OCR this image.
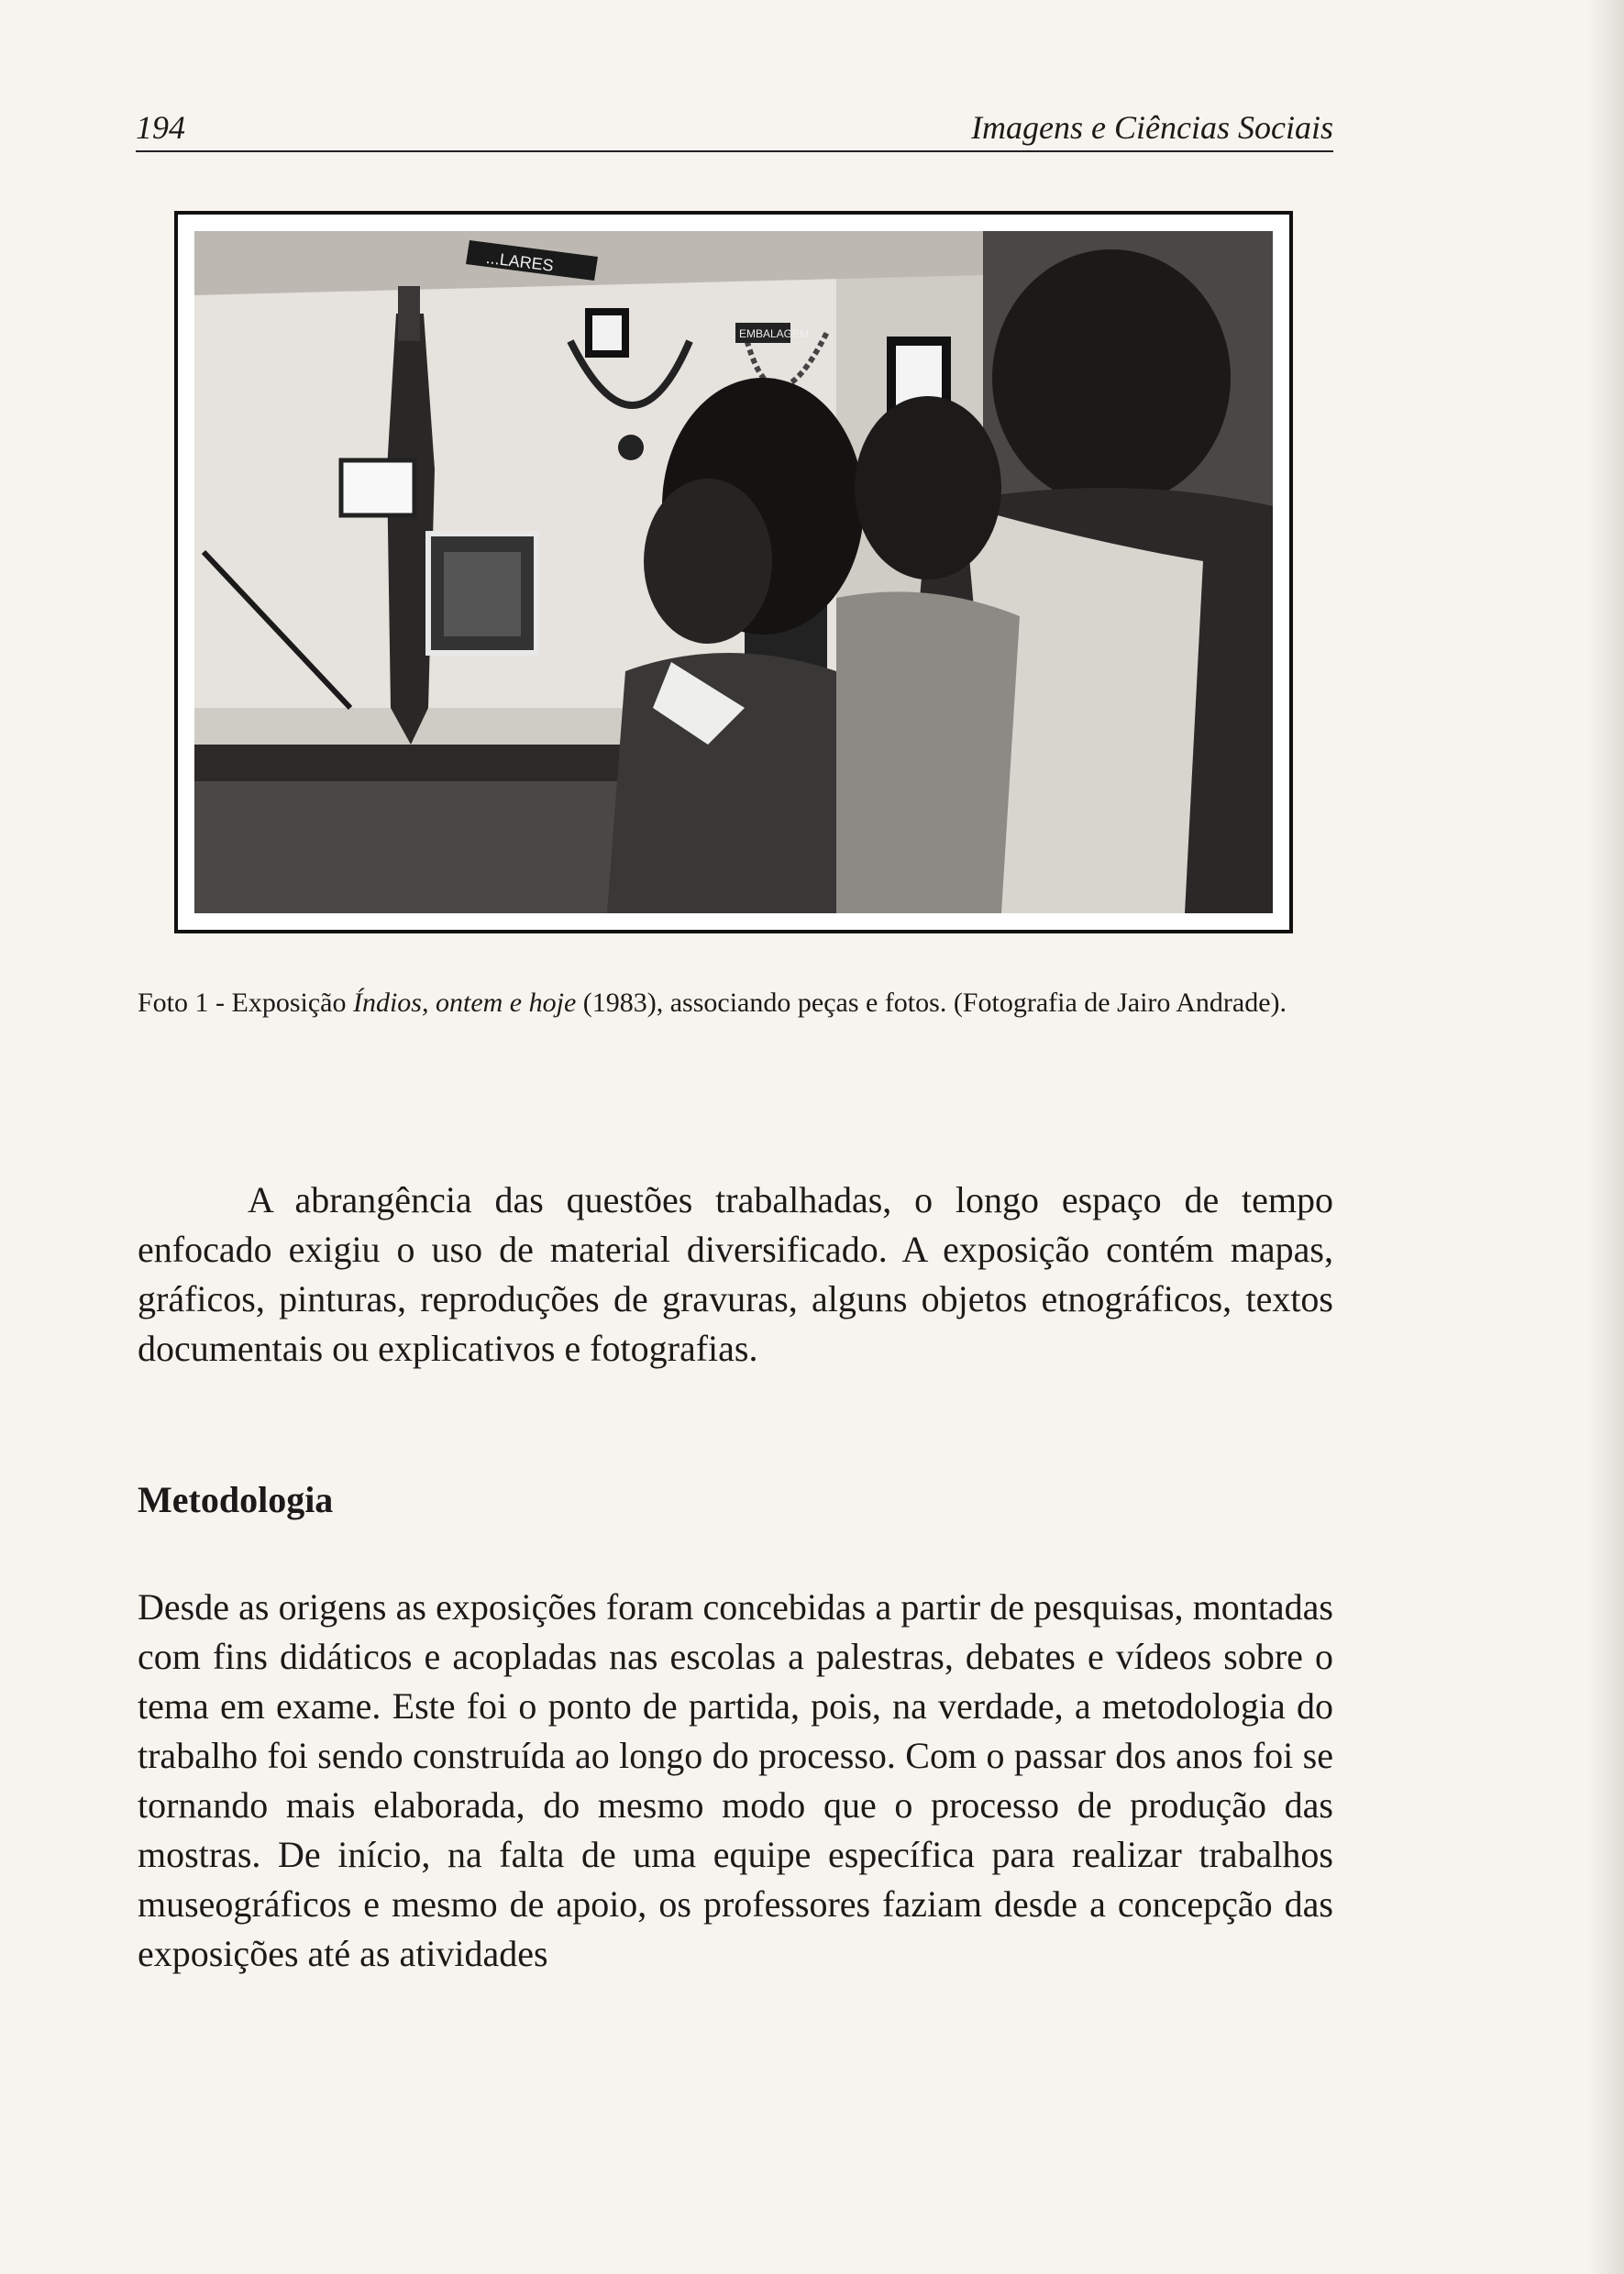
194	Imagens e Ciências Sociais
...LARES
EMBALAGEM
Foto 1 - Exposição Índios, ontem e hoje (1983), associando peças e fotos. (Fotografia de Jairo Andrade).

A abrangência das questões trabalhadas, o longo espaço de tempo enfocado exigiu o uso de material diversificado. A exposição contém mapas, gráficos, pinturas, reproduções de gravuras, alguns objetos etnográficos, textos documentais ou explicativos e fotografias.

Metodologia

Desde as origens as exposições foram concebidas a partir de pesquisas, montadas com fins didáticos e acopladas nas escolas a palestras, debates e vídeos sobre o tema em exame. Este foi o ponto de partida, pois, na verdade, a metodologia do trabalho foi sendo construída ao longo do processo. Com o passar dos anos foi se tornando mais elaborada, do mesmo modo que o processo de produção das mostras. De início, na falta de uma equipe específica para realizar trabalhos museográficos e mesmo de apoio, os professores faziam desde a concepção das exposições até as atividades
